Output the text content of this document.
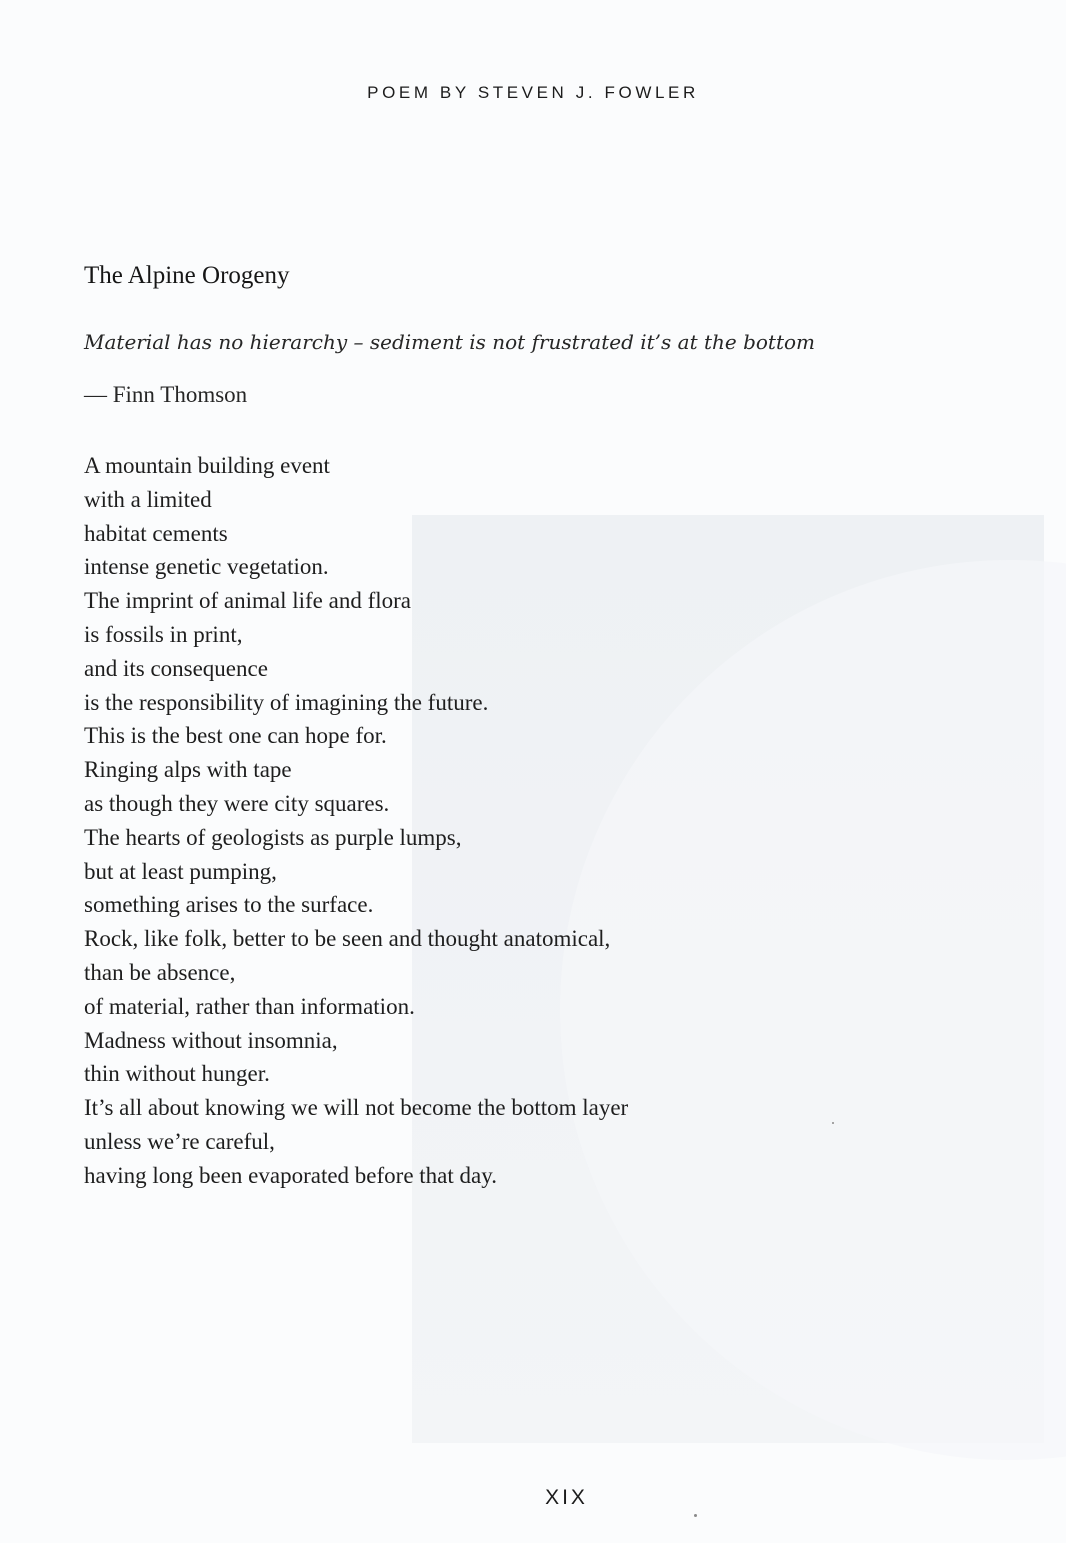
POEM BY STEVEN J. FOWLER
The Alpine Orogeny

Material has no hierarchy – sediment is not frustrated it’s at the bottom

— Finn Thomson

A mountain building event
with a limited
habitat cements
intense genetic vegetation.
The imprint of animal life and flora
is fossils in print,
and its consequence
is the responsibility of imagining the future.
This is the best one can hope for.
Ringing alps with tape
as though they were city squares.
The hearts of geologists as purple lumps,
but at least pumping,
something arises to the surface.
Rock, like folk, better to be seen and thought anatomical,
than be absence,
of material, rather than information.
Madness without insomnia,
thin without hunger.
It’s all about knowing we will not become the bottom layer
unless we’re careful,
having long been evaporated before that day.
XIX
